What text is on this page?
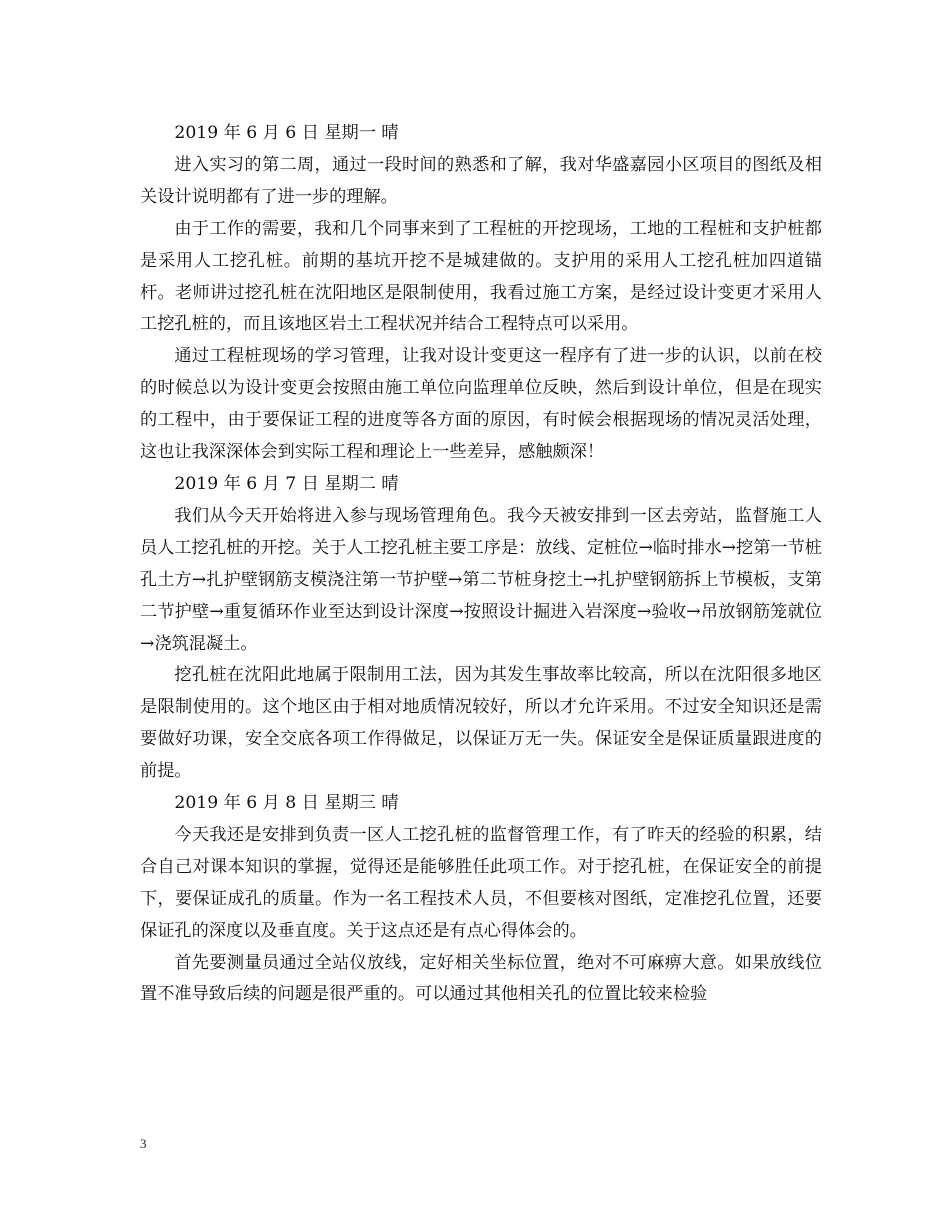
2019 年 6 月 6 日 星期一 晴

进入实习的第二周，通过一段时间的熟悉和了解，我对华盛嘉园小区项目的图纸及相关设计说明都有了进一步的理解。

由于工作的需要，我和几个同事来到了工程桩的开挖现场，工地的工程桩和支护桩都是采用人工挖孔桩。前期的基坑开挖不是城建做的。支护用的采用人工挖孔桩加四道锚杆。老师讲过挖孔桩在沈阳地区是限制使用，我看过施工方案，是经过设计变更才采用人工挖孔桩的，而且该地区岩土工程状况并结合工程特点可以采用。

通过工程桩现场的学习管理，让我对设计变更这一程序有了进一步的认识，以前在校的时候总以为设计变更会按照由施工单位向监理单位反映，然后到设计单位，但是在现实的工程中，由于要保证工程的进度等各方面的原因，有时候会根据现场的情况灵活处理，这也让我深深体会到实际工程和理论上一些差异，感触颇深！

2019 年 6 月 7 日 星期二 晴

我们从今天开始将进入参与现场管理角色。我今天被安排到一区去旁站，监督施工人员人工挖孔桩的开挖。关于人工挖孔桩主要工序是：放线、定桩位→临时排水→挖第一节桩孔土方→扎护壁钢筋支模浇注第一节护壁→第二节桩身挖土→扎护壁钢筋拆上节模板，支第二节护壁→重复循环作业至达到设计深度→按照设计掘进入岩深度→验收→吊放钢筋笼就位→浇筑混凝土。

挖孔桩在沈阳此地属于限制用工法，因为其发生事故率比较高，所以在沈阳很多地区是限制使用的。这个地区由于相对地质情况较好，所以才允许采用。不过安全知识还是需要做好功课，安全交底各项工作得做足，以保证万无一失。保证安全是保证质量跟进度的前提。

2019 年 6 月 8 日 星期三 晴

今天我还是安排到负责一区人工挖孔桩的监督管理工作，有了昨天的经验的积累，结合自己对课本知识的掌握，觉得还是能够胜任此项工作。对于挖孔桩，在保证安全的前提下，要保证成孔的质量。作为一名工程技术人员，不但要核对图纸，定准挖孔位置，还要保证孔的深度以及垂直度。关于这点还是有点心得体会的。

首先要测量员通过全站仪放线，定好相关坐标位置，绝对不可麻痹大意。如果放线位置不准导致后续的问题是很严重的。可以通过其他相关孔的位置比较来检验

3
